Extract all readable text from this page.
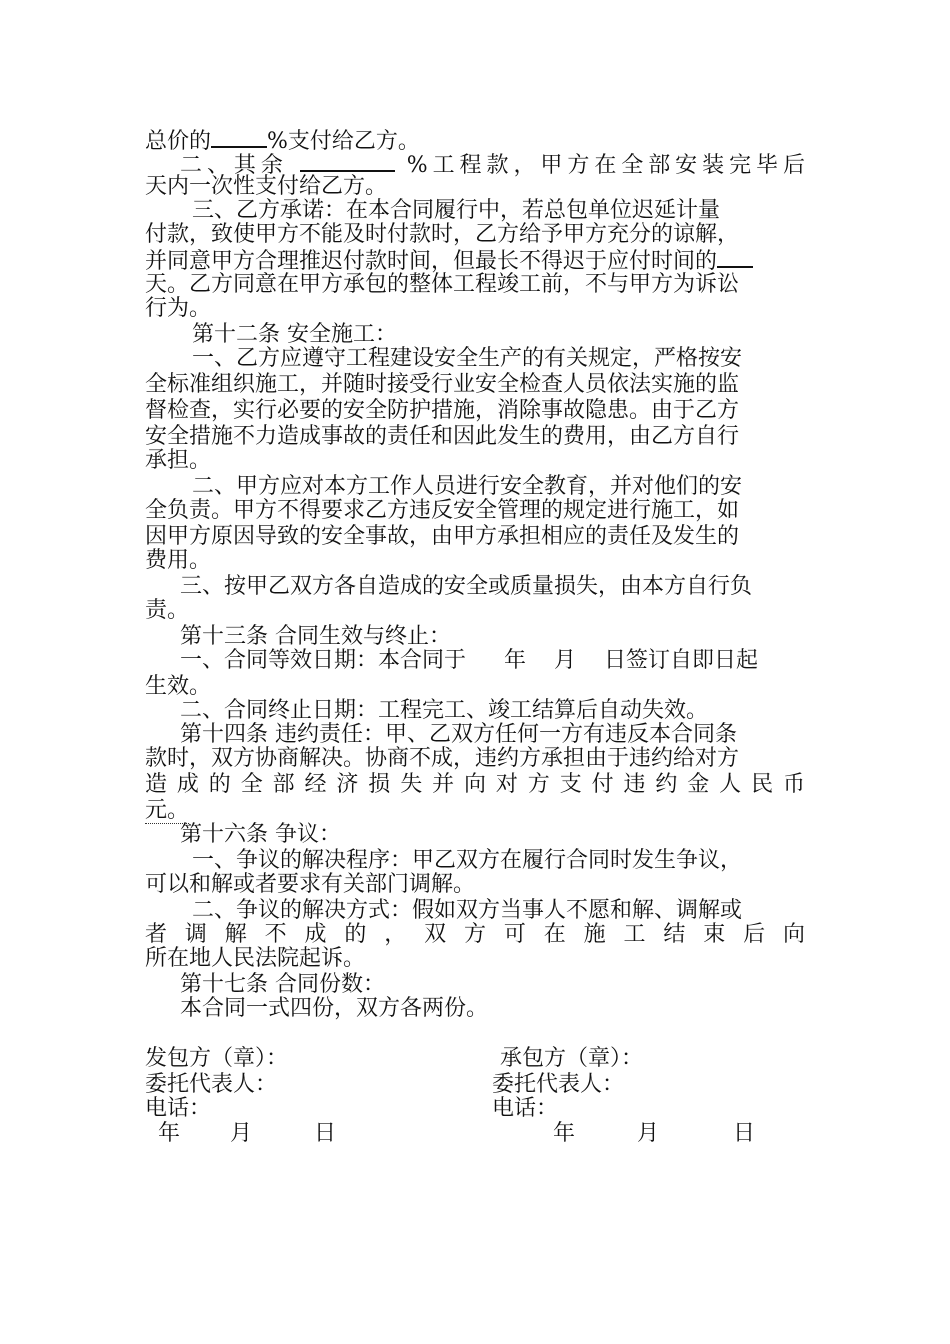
总价的	%支付给乙方。
二、其余	%工程款，甲方在全部安装完毕后
天内一次性支付给乙方。
三、乙方承诺：在本合同履行中，若总包单位迟延计量
付款，致使甲方不能及时付款时，乙方给予甲方充分的谅解，
并同意甲方合理推迟付款时间，但最长不得迟于应付时间的
天。乙方同意在甲方承包的整体工程竣工前，不与甲方为诉讼
行为。
第十二条 安全施工：
一、乙方应遵守工程建设安全生产的有关规定，严格按安
全标准组织施工，并随时接受行业安全检查人员依法实施的监
督检查，实行必要的安全防护措施，消除事故隐患。由于乙方
安全措施不力造成事故的责任和因此发生的费用，由乙方自行
承担。
二、甲方应对本方工作人员进行安全教育，并对他们的安
全负责。甲方不得要求乙方违反安全管理的规定进行施工，如
因甲方原因导致的安全事故，由甲方承担相应的责任及发生的
费用。
三、按甲乙双方各自造成的安全或质量损失，由本方自行负
责。
第十三条 合同生效与终止：
一、合同等效日期：本合同于 年 月 日签订自即日起
生效。
二、合同终止日期：工程完工、竣工结算后自动失效。
第十四条 违约责任：甲、乙双方任何一方有违反本合同条
款时，双方协商解决。协商不成，违约方承担由于违约给对方
造成的全部经济损失并向对方支付违约金人民币
元。
第十六条 争议：
一、争议的解决程序：甲乙双方在履行合同时发生争议，
可以和解或者要求有关部门调解。
二、争议的解决方式：假如双方当事人不愿和解、调解或
者调解不成的，双方可在施工结束后向
所在地人民法院起诉。
第十七条 合同份数：
本合同一式四份，双方各两份。
发包方（章）：	承包方（章）：
委托代表人：	委托代表人：
电话：	电话：
年 月	日	年	月	日
